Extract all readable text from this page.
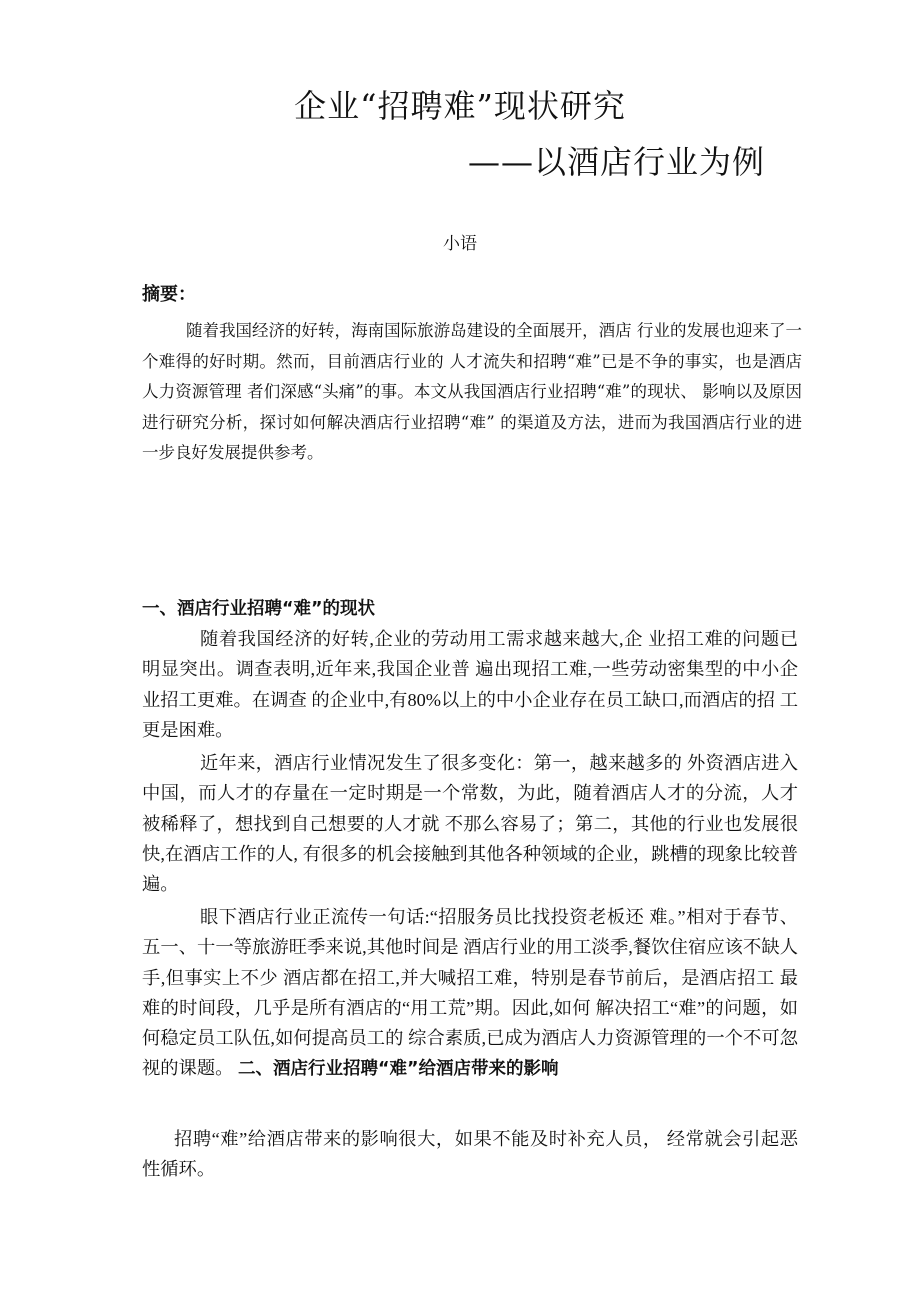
企业“招聘难”现状研究
——以酒店行业为例
小语
摘要：

随着我国经济的好转，海南国际旅游岛建设的全面展开，酒店 行业的发展也迎来了一个难得的好时期。然而，目前酒店行业的 人才流失和招聘“难”已是不争的事实，也是酒店人力资源管理 者们深感“头痛”的事。本文从我国酒店行业招聘“难”的现状、 影响以及原因进行研究分析，探讨如何解决酒店行业招聘“难” 的渠道及方法，进而为我国酒店行业的进一步良好发展提供参考。

一、酒店行业招聘“难”的现状

随着我国经济的好转,企业的劳动用工需求越来越大,企 业招工难的问题已明显突出。调查表明,近年来,我国企业普 遍出现招工难,一些劳动密集型的中小企业招工更难。在调查 的企业中,有80%以上的中小企业存在员工缺口,而酒店的招 工更是困难。

近年来，酒店行业情况发生了很多变化：第一，越来越多的 外资酒店进入中国，而人才的存量在一定时期是一个常数，为此，随着酒店人才的分流，人才被稀释了，想找到自己想要的人才就 不那么容易了；第二，其他的行业也发展很快,在酒店工作的人, 有很多的机会接触到其他各种领域的企业，跳槽的现象比较普 遍。

眼下酒店行业正流传一句话:“招服务员比找投资老板还 难。”相对于春节、五一、十一等旅游旺季来说,其他时间是 酒店行业的用工淡季,餐饮住宿应该不缺人手,但事实上不少 酒店都在招工,并大喊招工难，特别是春节前后，是酒店招工 最难的时间段，几乎是所有酒店的“用工荒”期。因此,如何 解决招工“难”的问题，如何稳定员工队伍,如何提高员工的 综合素质,已成为酒店人力资源管理的一个不可忽视的课题。 二、酒店行业招聘“难”给酒店带来的影响

招聘“难”给酒店带来的影响很大，如果不能及时补充人员， 经常就会引起恶性循环。
